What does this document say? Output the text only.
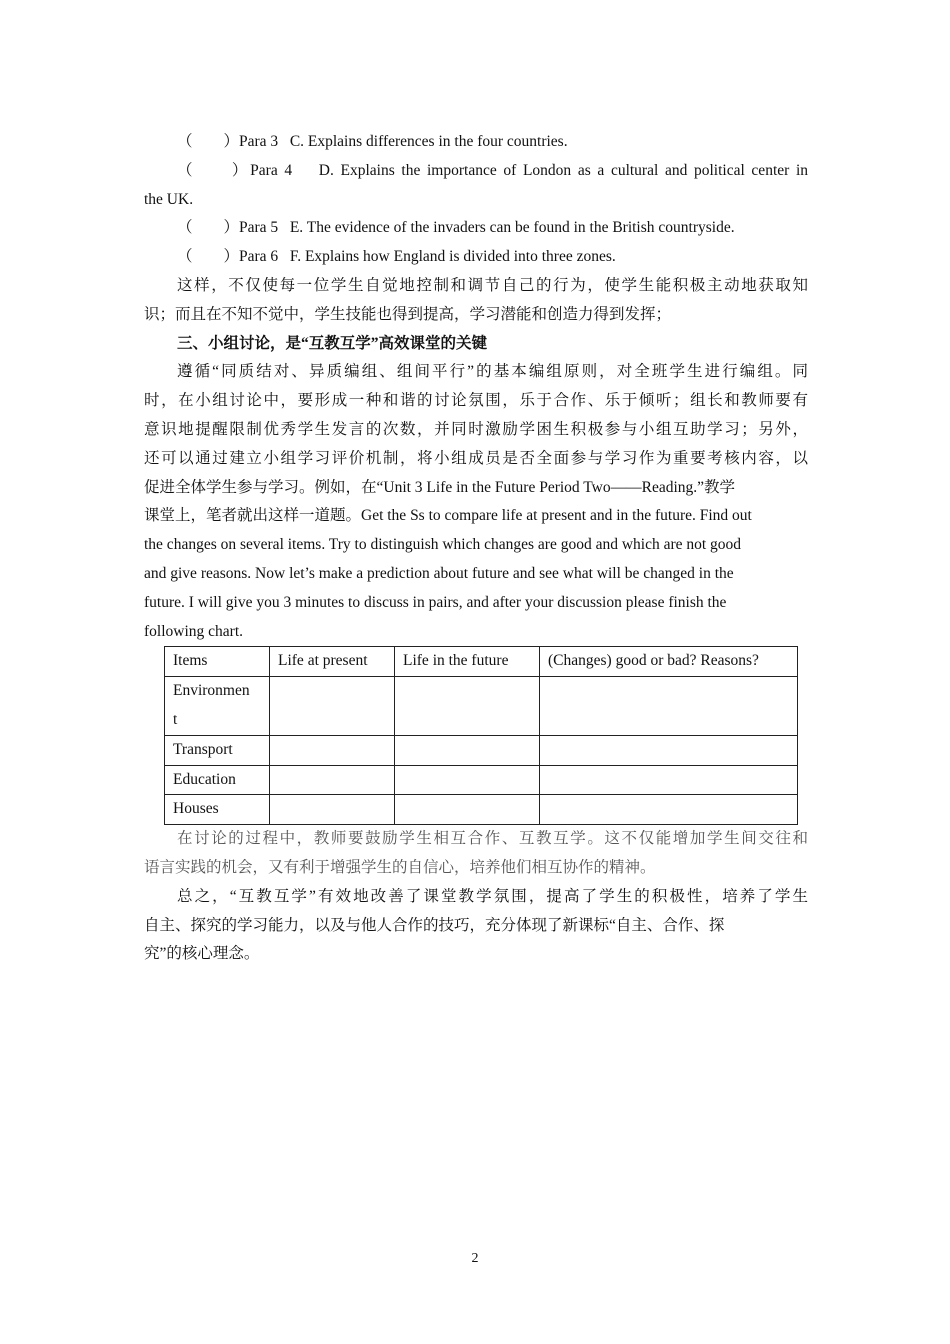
（　　）Para 3 C. Explains differences in the four countries.
（　　）Para 4 D. Explains the importance of London as a cultural and political center in
the UK.
（　　）Para 5 E. The evidence of the invaders can be found in the British countryside.
（　　）Para 6 F. Explains how England is divided into three zones.
这样，不仅使每一位学生自觉地控制和调节自己的行为，使学生能积极主动地获取知
识；而且在不知不觉中，学生技能也得到提高，学习潜能和创造力得到发挥；
三、小组讨论，是“互教互学”高效课堂的关键
遵循“同质结对、异质编组、组间平行”的基本编组原则，对全班学生进行编组。同
时，在小组讨论中，要形成一种和谐的讨论氛围，乐于合作、乐于倾听；组长和教师要有
意识地提醒限制优秀学生发言的次数，并同时激励学困生积极参与小组互助学习；另外，
还可以通过建立小组学习评价机制，将小组成员是否全面参与学习作为重要考核内容，以
促进全体学生参与学习。例如，在“Unit 3 Life in the Future Period Two——Reading.”教学
课堂上，笔者就出这样一道题。Get the Ss to compare life at present and in the future. Find out
the changes on several items. Try to distinguish which changes are good and which are not good
and give reasons. Now let’s make a prediction about future and see what will be changed in the
future. I will give you 3 minutes to discuss in pairs, and after your discussion please finish the
following chart.
Items	Life at present	Life in the future	(Changes) good or bad? Reasons?
Environmen
t			
Transport			
Education			
Houses			
在讨论的过程中，教师要鼓励学生相互合作、互教互学。这不仅能增加学生间交往和
语言实践的机会，又有利于增强学生的自信心，培养他们相互协作的精神。
总之，“互教互学”有效地改善了课堂教学氛围，提高了学生的积极性，培养了学生
自主、探究的学习能力，以及与他人合作的技巧，充分体现了新课标“自主、合作、探
究”的核心理念。
2
